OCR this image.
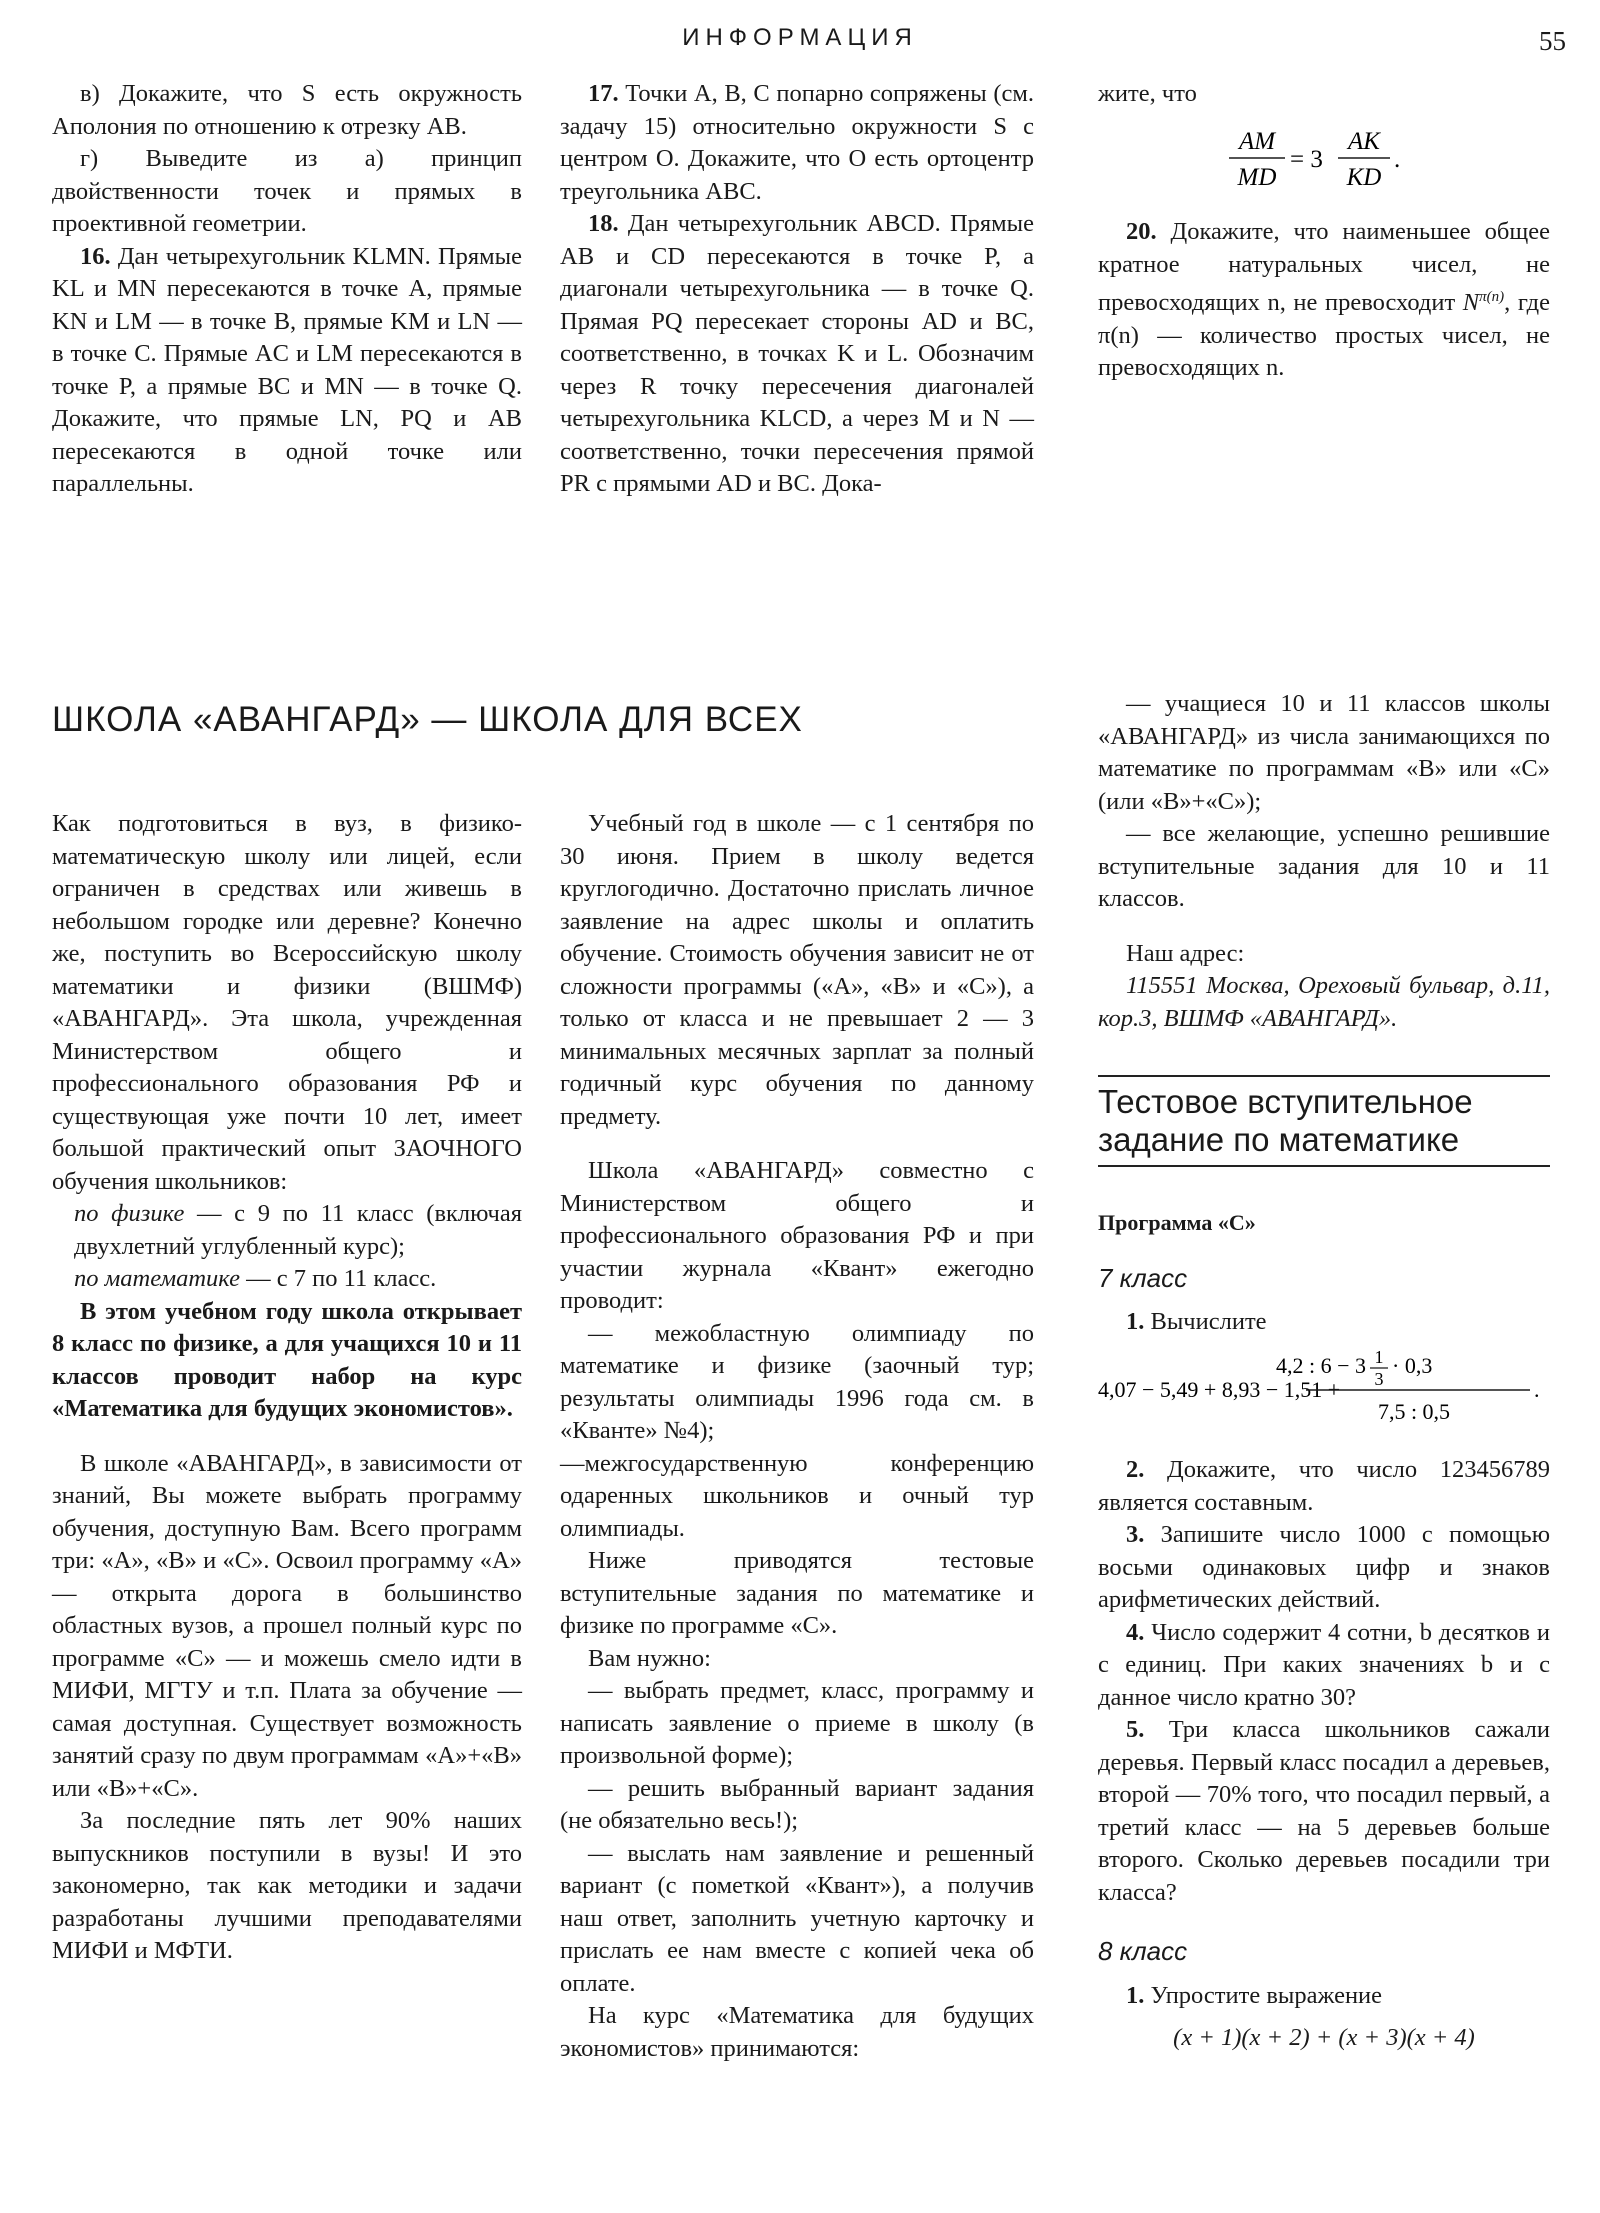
ИНФОРМАЦИЯ	55

в) Докажите, что S есть окружность Аполония по отношению к отрезку AB.

г) Выведите из а) принцип двойственности точек и прямых в проективной геометрии.

16. Дан четырехугольник KLMN. Прямые KL и MN пересекаются в точке A, прямые KN и LM — в точке B, прямые KM и LN — в точке C. Прямые AC и LM пересекаются в точке P, а прямые BC и MN — в точке Q. Докажите, что прямые LN, PQ и AB пересекаются в одной точке или параллельны.

17. Точки A, B, C попарно сопряжены (см. задачу 15) относительно окружности S с центром O. Докажите, что O есть ортоцентр треугольника ABC.

18. Дан четырехугольник ABCD. Прямые AB и CD пересекаются в точке P, а диагонали четырехугольника — в точке Q. Прямая PQ пересекает стороны AD и BC, соответственно, в точках K и L. Обозначим через R точку пересечения диагоналей четырехугольника KLCD, а через M и N — соответственно, точки пересечения прямой PR с прямыми AD и BC. Дока-

жите, что

AM
MD
= 3
AK
KD
.

20. Докажите, что наименьшее общее кратное натуральных чисел, не превосходящих n, не превосходит $N^{\pi(n)}$, где π(n) — количество простых чисел, не превосходящих n.

ШКОЛА «АВАНГАРД» — ШКОЛА ДЛЯ ВСЕХ

Как подготовиться в вуз, в физико-математическую школу или лицей, если ограничен в средствах или живешь в небольшом городке или деревне? Конечно же, поступить во Всероссийскую школу математики и физики (ВШМФ) «АВАНГАРД». Эта школа, учрежденная Министерством общего и профессионального образования РФ и существующая уже почти 10 лет, имеет большой практический опыт ЗАОЧНОГО обучения школьников:

по физике — с 9 по 11 класс (включая двухлетний углубленный курс);

по математике — с 7 по 11 класс.

В этом учебном году школа открывает 8 класс по физике, а для учащихся 10 и 11 классов проводит набор на курс «Математика для будущих экономистов».

В школе «АВАНГАРД», в зависимости от знаний, Вы можете выбрать программу обучения, доступную Вам. Всего программ три: «A», «B» и «C». Освоил программу «A» — открыта дорога в большинство областных вузов, а прошел полный курс по программе «C» — и можешь смело идти в МИФИ, МГТУ и т.п. Плата за обучение — самая доступная. Существует возможность занятий сразу по двум программам «A»+«B» или «B»+«C».

За последние пять лет 90% наших выпускников поступили в вузы! И это закономерно, так как методики и задачи разработаны лучшими преподавателями МИФИ и МФТИ.

Учебный год в школе — с 1 сентября по 30 июня. Прием в школу ведется круглогодично. Достаточно прислать личное заявление на адрес школы и оплатить обучение. Стоимость обучения зависит не от сложности программы («A», «B» и «C»), а только от класса и не превышает 2 — 3 минимальных месячных зарплат за полный годичный курс обучения по данному предмету.

Школа «АВАНГАРД» совместно с Министерством общего и профессионального образования РФ и при участии журнала «Квант» ежегодно проводит:

— межобластную олимпиаду по математике и физике (заочный тур; результаты олимпиады 1996 года см. в «Кванте» №4);

—межгосударственную конференцию одаренных школьников и очный тур олимпиады.

Ниже приводятся тестовые вступительные задания по математике и физике по программе «C».

Вам нужно:

— выбрать предмет, класс, программу и написать заявление о приеме в школу (в произвольной форме);

— решить выбранный вариант задания (не обязательно весь!);

— выслать нам заявление и решенный вариант (с пометкой «Квант»), а получив наш ответ, заполнить учетную карточку и прислать ее нам вместе с копией чека об оплате.

На курс «Математика для будущих экономистов» принимаются:

— учащиеся 10 и 11 классов школы «АВАНГАРД» из числа занимающихся по математике по программам «B» или «C» (или «B»+«C»);

— все желающие, успешно решившие вступительные задания для 10 и 11 классов.

Наш адрес:

115551 Москва, Ореховый бульвар, д.11, кор.3, ВШМФ «АВАНГАРД».

Тестовое вступительное задание по математике
Программа «C»
7 класс

1. Вычислите

4,07 − 5,49 + 8,93 − 1,51 +
4,2 : 6 − 3 1
3
· 0,3
7,5 : 0,5
.

2. Докажите, что число 123456789 является составным.

3. Запишите число 1000 с помощью восьми одинаковых цифр и знаков арифметических действий.

4. Число содержит 4 сотни, b десятков и c единиц. При каких значениях b и c данное число кратно 30?

5. Три класса школьников сажали деревья. Первый класс посадил a деревьев, второй — 70% того, что посадил первый, а третий класс — на 5 деревьев больше второго. Сколько деревьев посадили три класса?

8 класс

1. Упростите выражение

(x + 1)(x + 2) + (x + 3)(x + 4)
